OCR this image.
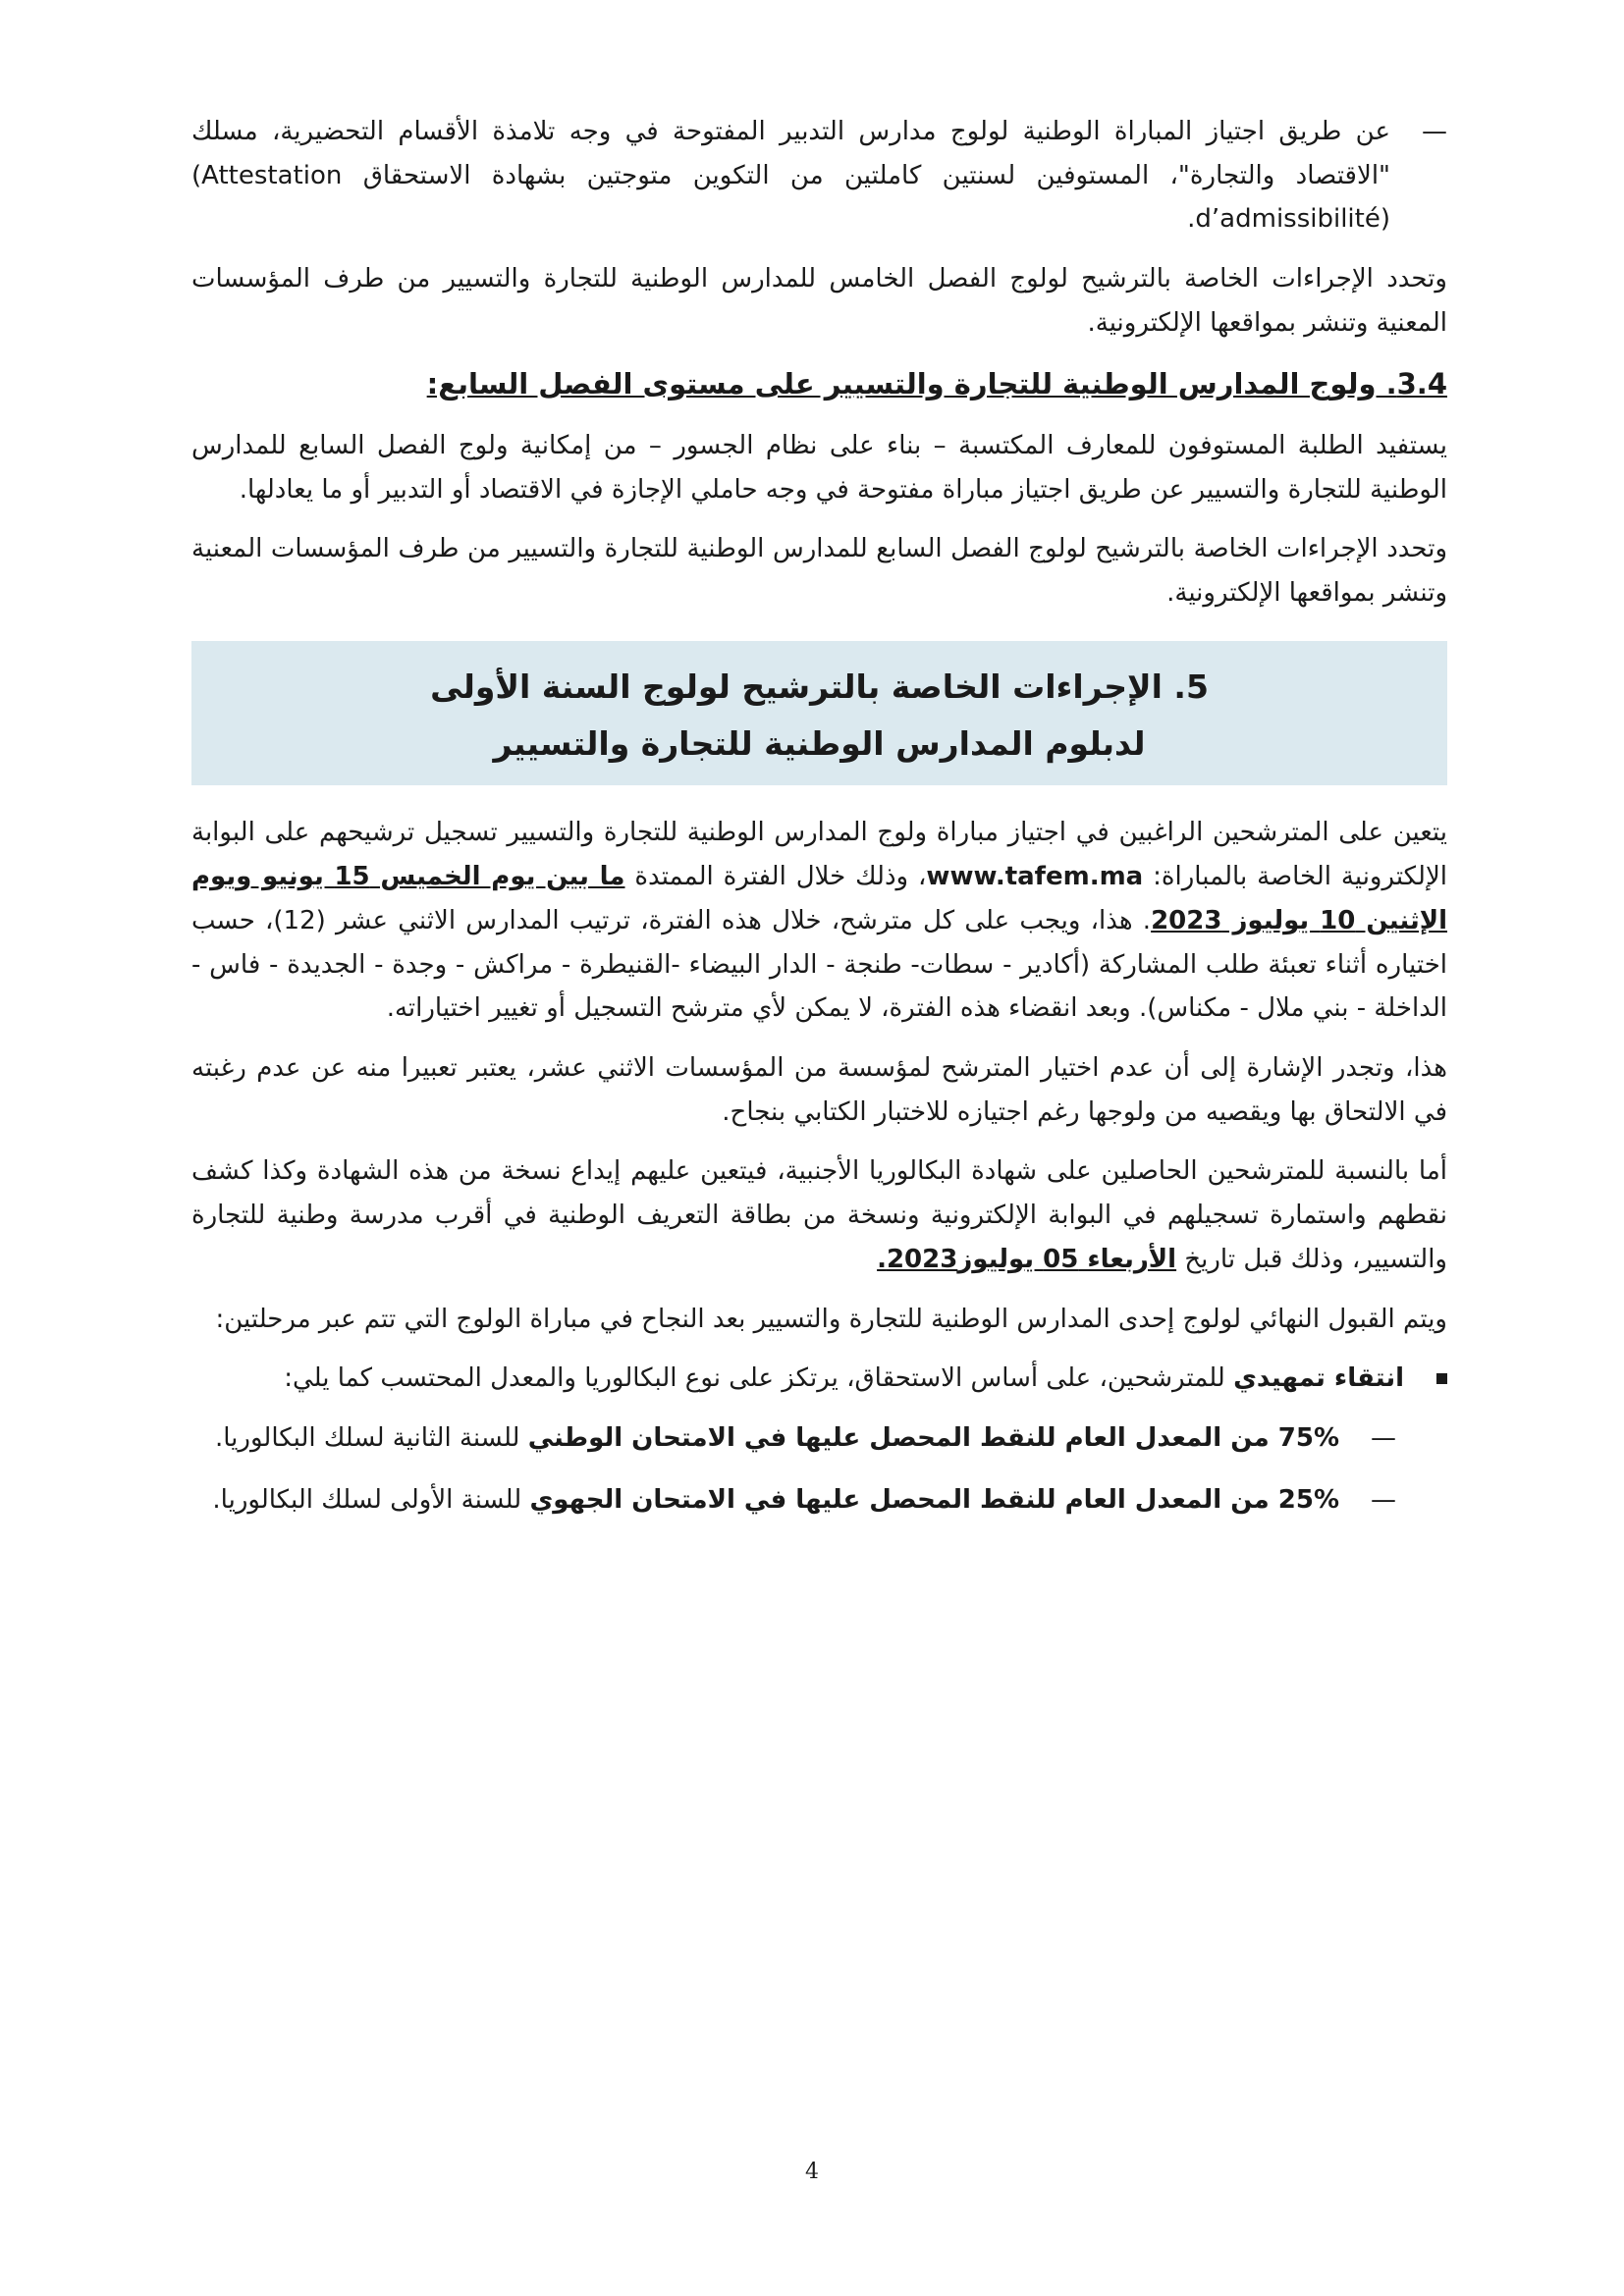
— عن طريق اجتياز المباراة الوطنية لولوج مدارس التدبير المفتوحة في وجه تلامذة الأقسام التحضيرية، مسلك "الاقتصاد والتجارة"، المستوفين لسنتين كاملتين من التكوين متوجتين بشهادة الاستحقاق (Attestation d’admissibilité).

وتحدد الإجراءات الخاصة بالترشيح لولوج الفصل الخامس للمدارس الوطنية للتجارة والتسيير من طرف المؤسسات المعنية وتنشر بمواقعها الإلكترونية.

3.4. ولوج المدارس الوطنية للتجارة والتسيير على مستوى الفصل السابع:

يستفيد الطلبة المستوفون للمعارف المكتسبة – بناء على نظام الجسور – من إمكانية ولوج الفصل السابع للمدارس الوطنية للتجارة والتسيير عن طريق اجتياز مباراة مفتوحة في وجه حاملي الإجازة في الاقتصاد أو التدبير أو ما يعادلها.

وتحدد الإجراءات الخاصة بالترشيح لولوج الفصل السابع للمدارس الوطنية للتجارة والتسيير من طرف المؤسسات المعنية وتنشر بمواقعها الإلكترونية.

5. الإجراءات الخاصة بالترشيح لولوج السنة الأولى
لدبلوم المدارس الوطنية للتجارة والتسيير

يتعين على المترشحين الراغبين في اجتياز مباراة ولوج المدارس الوطنية للتجارة والتسيير تسجيل ترشيحهم على البوابة الإلكترونية الخاصة بالمباراة: www.tafem.ma، وذلك خلال الفترة الممتدة ما بين يوم الخميس 15 يونيو ويوم الإثنين 10 يوليوز 2023. هذا، ويجب على كل مترشح، خلال هذه الفترة، ترتيب المدارس الاثني عشر (12)، حسب اختياره أثناء تعبئة طلب المشاركة (أكادير - سطات- طنجة - الدار البيضاء -القنيطرة - مراكش - وجدة - الجديدة - فاس - الداخلة - بني ملال - مكناس). وبعد انقضاء هذه الفترة، لا يمكن لأي مترشح التسجيل أو تغيير اختياراته.

هذا، وتجدر الإشارة إلى أن عدم اختيار المترشح لمؤسسة من المؤسسات الاثني عشر، يعتبر تعبيرا منه عن عدم رغبته في الالتحاق بها ويقصيه من ولوجها رغم اجتيازه للاختبار الكتابي بنجاح.

أما بالنسبة للمترشحين الحاصلين على شهادة البكالوريا الأجنبية، فيتعين عليهم إيداع نسخة من هذه الشهادة وكذا كشف نقطهم واستمارة تسجيلهم في البوابة الإلكترونية ونسخة من بطاقة التعريف الوطنية في أقرب مدرسة وطنية للتجارة والتسيير، وذلك قبل تاريخ الأربعاء 05 يوليوز2023.

ويتم القبول النهائي لولوج إحدى المدارس الوطنية للتجارة والتسيير بعد النجاح في مباراة الولوج التي تتم عبر مرحلتين:

انتقاء تمهيدي للمترشحين، على أساس الاستحقاق، يرتكز على نوع البكالوريا والمعدل المحتسب كما يلي:
— 75% من المعدل العام للنقط المحصل عليها في الامتحان الوطني للسنة الثانية لسلك البكالوريا.
— 25% من المعدل العام للنقط المحصل عليها في الامتحان الجهوي للسنة الأولى لسلك البكالوريا.
4
